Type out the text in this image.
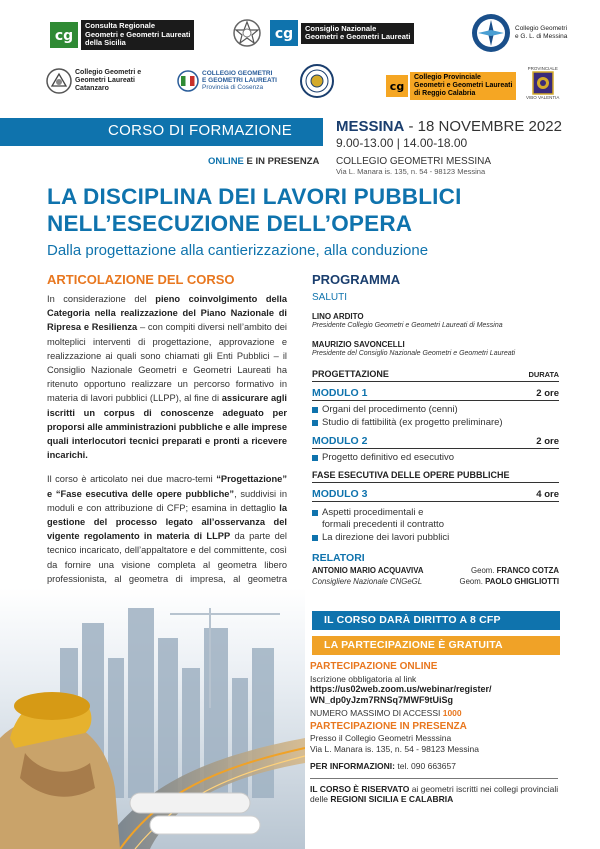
cg
Consulta Regionale
Geometri e Geometri Laureati
della Sicilia
cg	Consiglio Nazionale
Geometri e Geometri Laureati
Collegio Geometri
e G. L. di Messina
Collegio Geometri e
Geometri Laureati
Catanzaro
COLLEGIO GEOMETRI
E GEOMETRI LAUREATI
Provincia di Cosenza	cg
Collegio Provinciale
Geometri e Geometri Laureati
di Reggio Calabria
PROVINCIALE
VIBO VALENTIA
CORSO DI FORMAZIONE	MESSINA - 18 NOVEMBRE 2022
9.00-13.00 | 14.00-18.00
ONLINE E IN PRESENZA COLLEGIO GEOMETRI MESSINA
Via L. Manara is. 135, n. 54 - 98123 Messina
LA DISCIPLINA DEI LAVORI PUBBLICI
NELL’ESECUZIONE DELL’OPERA
Dalla progettazione alla cantierizzazione, alla conduzione
ARTICOLAZIONE DEL CORSO

In considerazione del pieno coinvolgimento della Categoria nella realizzazione del Piano Nazionale di Ripresa e Resilienza – con compiti diversi nell’ambito dei molteplici interventi di progettazione, approvazione e realizzazione ai quali sono chiamati gli Enti Pubblici – il Consiglio Nazionale Geometri e Geometri Laureati ha ritenuto opportuno realizzare un percorso formativo in materia di lavori pubblici (LLPP), al fine di assicurare agli iscritti un corpus di conoscenze adeguato per proporsi alle amministrazioni pubbliche e alle imprese quali interlocutori tecnici preparati e pronti a ricevere incarichi.

Il corso è articolato nei due macro-temi “Progettazione” e “Fase esecutiva delle opere pubbliche”, suddivisi in moduli e con attribuzione di CFP; esamina in dettaglio la gestione del processo legato all’osservanza del vigente regolamento in materia di LLPP da parte del tecnico incaricato, dell’appaltatore e del committente, così da fornire una visione completa al geometra libero professionista, al geometra di impresa, al geometra

PROGRAMMA
SALUTI
LINO ARDITO
Presidente Collegio Geometri e Geometri Laureati di Messina
MAURIZIO SAVONCELLI
Presidente del Consiglio Nazionale Geometri e Geometri Laureati
PROGETTAZIONE	DURATA
MODULO 1	2 ore
Organi del procedimento (cenni)
Studio di fattibilità (ex progetto preliminare)
MODULO 2	2 ore
Progetto definitivo ed esecutivo
FASE ESECUTIVA DELLE OPERE PUBBLICHE
MODULO 3	4 ore
Aspetti procedimentali e
formali precedenti il contratto
La direzione dei lavori pubblici
RELATORI
ANTONIO MARIO ACQUAVIVA	Geom. FRANCO COTZA
Consigliere Nazionale CNGeGL	Geom. PAOLO GHIGLIOTTI
IL CORSO DARÀ DIRITTO A 8 CFP
LA PARTECIPAZIONE È GRATUITA
PARTECIPAZIONE ONLINE
Iscrizione obbligatoria al link
https://us02web.zoom.us/webinar/register/
WN_dp0yJzm7RNSq7MWF9tUiSg
NUMERO MASSIMO DI ACCESSI 1000
PARTECIPAZIONE IN PRESENZA
Presso il Collegio Geometri Messsina
Via L. Manara is. 135, n. 54 - 98123 Messina
PER INFORMAZIONI: tel. 090 663657
IL CORSO È RISERVATO ai geometri iscritti nei collegi provinciali delle REGIONI SICILIA E CALABRIA
